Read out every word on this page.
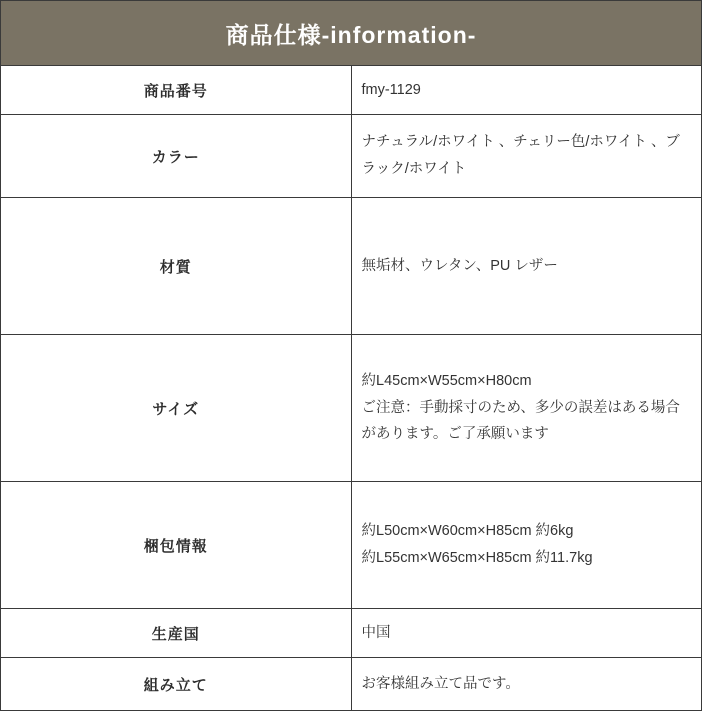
商品仕様-information-	
商品番号	fmy-1129

カラー	ナチュラル/ホワイト 、チェリー色/ホワイト 、ブラック/ホワイト

材質	無垢材、ウレタン、PU レザー

サイズ	約L45cm×W55cm×H80cm
ご注意：手動採寸のため、多少の誤差はある場合があります。ご了承願います

梱包情報	約L50cm×W60cm×H85cm 約6kg
約L55cm×W65cm×H85cm 約11.7kg

生産国	中国

組み立て	お客様組み立て品です。
